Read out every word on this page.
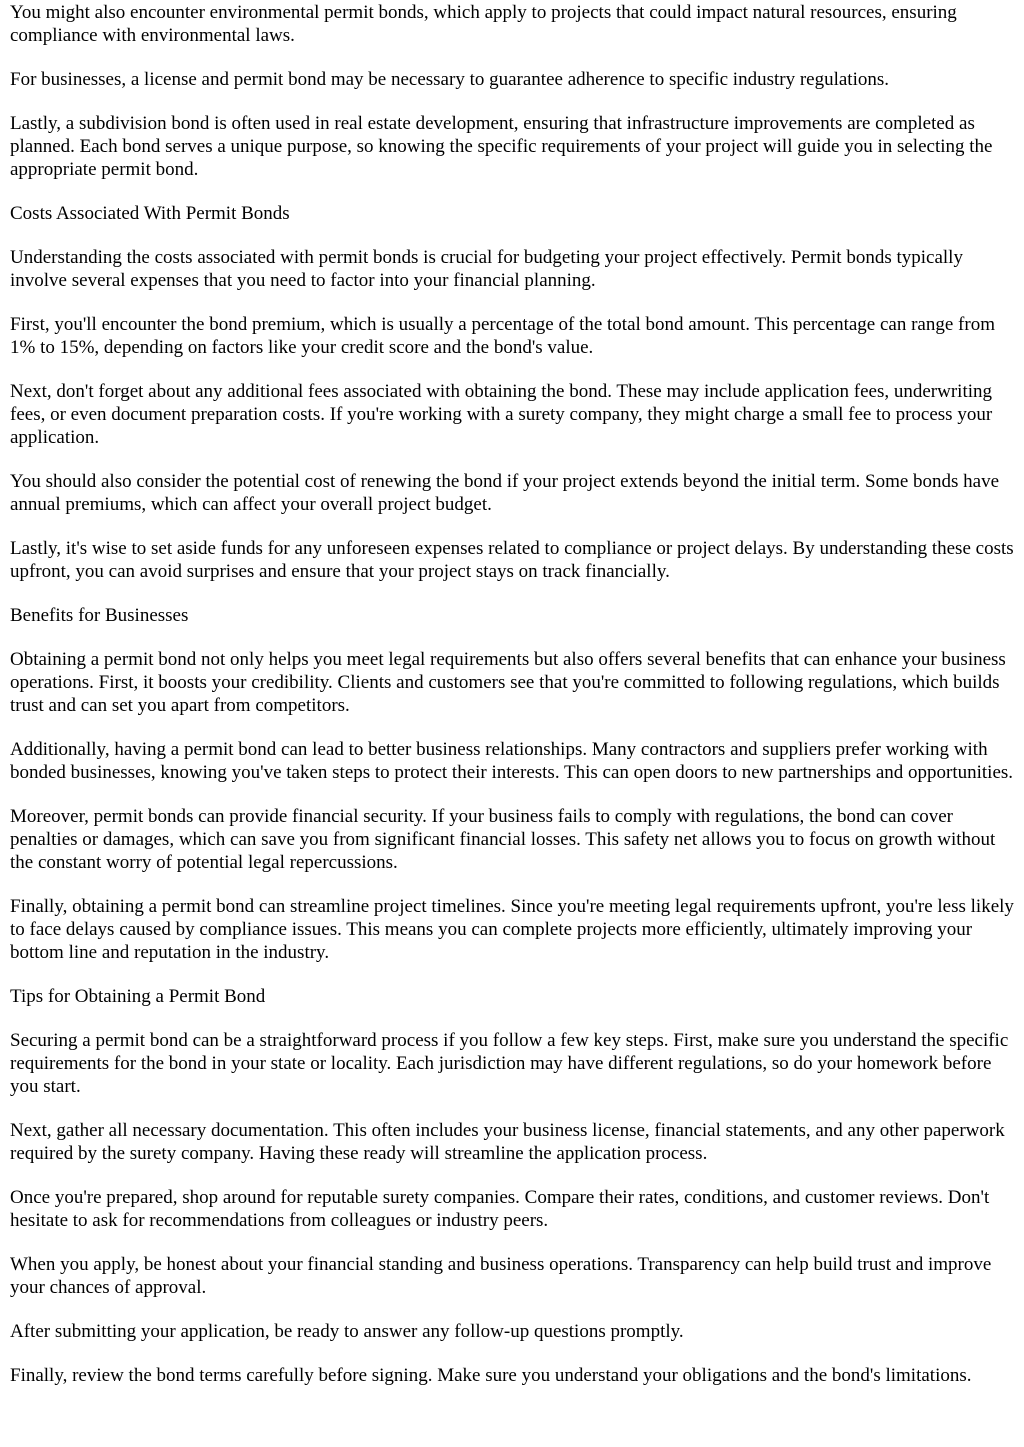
You might also encounter environmental permit bonds, which apply to projects that could impact natural resources, ensuring compliance with environmental laws.

For businesses, a license and permit bond may be necessary to guarantee adherence to specific industry regulations.

Lastly, a subdivision bond is often used in real estate development, ensuring that infrastructure improvements are completed as planned. Each bond serves a unique purpose, so knowing the specific requirements of your project will guide you in selecting the appropriate permit bond.

Costs Associated With Permit Bonds

Understanding the costs associated with permit bonds is crucial for budgeting your project effectively. Permit bonds typically involve several expenses that you need to factor into your financial planning.

First, you'll encounter the bond premium, which is usually a percentage of the total bond amount. This percentage can range from 1% to 15%, depending on factors like your credit score and the bond's value.

Next, don't forget about any additional fees associated with obtaining the bond. These may include application fees, underwriting fees, or even document preparation costs. If you're working with a surety company, they might charge a small fee to process your application.

You should also consider the potential cost of renewing the bond if your project extends beyond the initial term. Some bonds have annual premiums, which can affect your overall project budget.

Lastly, it's wise to set aside funds for any unforeseen expenses related to compliance or project delays. By understanding these costs upfront, you can avoid surprises and ensure that your project stays on track financially.

Benefits for Businesses

Obtaining a permit bond not only helps you meet legal requirements but also offers several benefits that can enhance your business operations. First, it boosts your credibility. Clients and customers see that you're committed to following regulations, which builds trust and can set you apart from competitors.

Additionally, having a permit bond can lead to better business relationships. Many contractors and suppliers prefer working with bonded businesses, knowing you've taken steps to protect their interests. This can open doors to new partnerships and opportunities.

Moreover, permit bonds can provide financial security. If your business fails to comply with regulations, the bond can cover penalties or damages, which can save you from significant financial losses. This safety net allows you to focus on growth without the constant worry of potential legal repercussions.

Finally, obtaining a permit bond can streamline project timelines. Since you're meeting legal requirements upfront, you're less likely to face delays caused by compliance issues. This means you can complete projects more efficiently, ultimately improving your bottom line and reputation in the industry.

Tips for Obtaining a Permit Bond

Securing a permit bond can be a straightforward process if you follow a few key steps. First, make sure you understand the specific requirements for the bond in your state or locality. Each jurisdiction may have different regulations, so do your homework before you start.

Next, gather all necessary documentation. This often includes your business license, financial statements, and any other paperwork required by the surety company. Having these ready will streamline the application process.

Once you're prepared, shop around for reputable surety companies. Compare their rates, conditions, and customer reviews. Don't hesitate to ask for recommendations from colleagues or industry peers.

When you apply, be honest about your financial standing and business operations. Transparency can help build trust and improve your chances of approval.

After submitting your application, be ready to answer any follow-up questions promptly.

Finally, review the bond terms carefully before signing. Make sure you understand your obligations and the bond's limitations.
